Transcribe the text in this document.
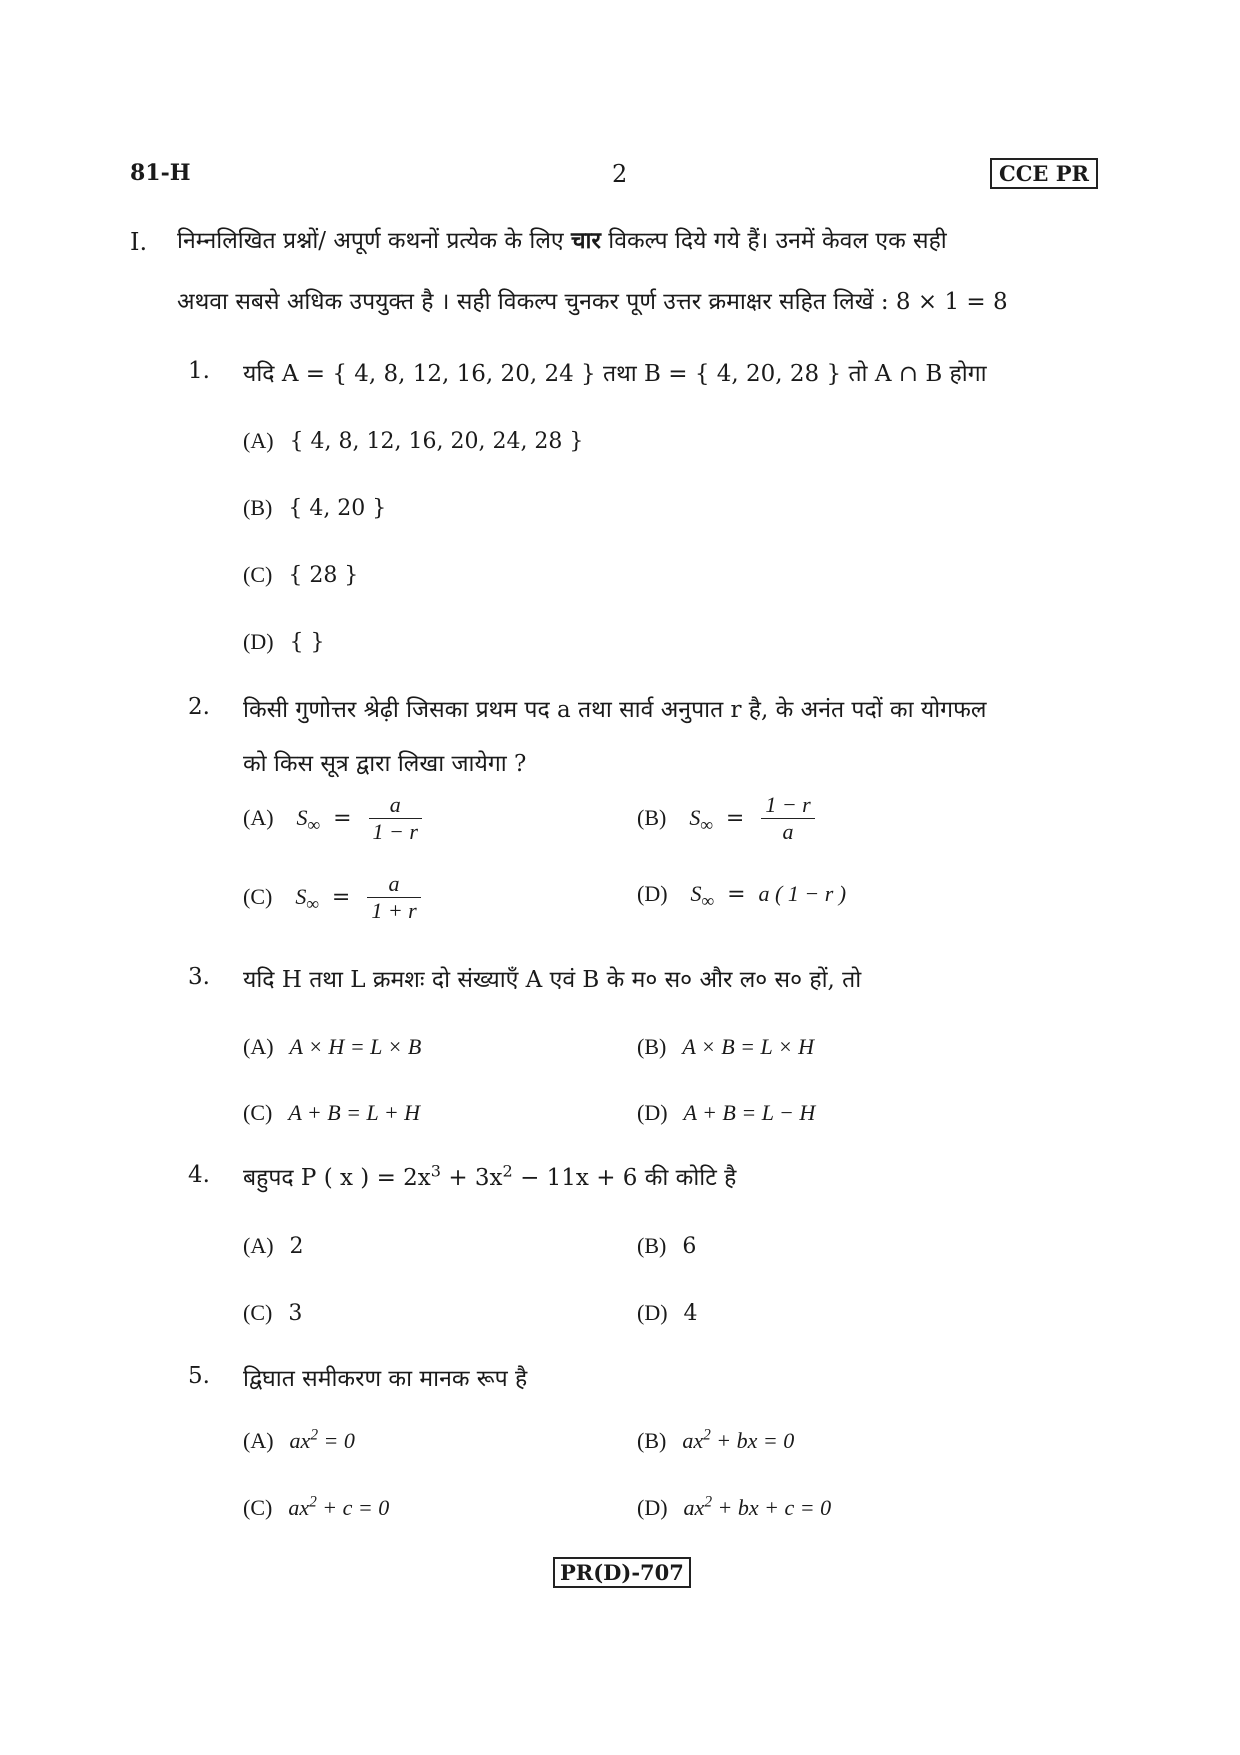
81-H	2	CCE PR
I. निम्नलिखित प्रश्नों/ अपूर्ण कथनों प्रत्येक के लिए चार विकल्प दिये गये हैं। उनमें केवल एक सही
अथवा सबसे अधिक उपयुक्त है । सही विकल्प चुनकर पूर्ण उत्तर क्रमाक्षर सहित लिखें : 8 × 1 = 8
1. यदि A = { 4, 8, 12, 16, 20, 24 } तथा B = { 4, 20, 28 } तो A ∩ B होगा
(A) { 4, 8, 12, 16, 20, 24, 28 }
(B) { 4, 20 }
(C) { 28 }
(D) { }
2. किसी गुणोत्तर श्रेढ़ी जिसका प्रथम पद a तथा सार्व अनुपात r है, के अनंत पदों का योगफल
को किस सूत्र द्वारा लिखा जायेगा ?
(A) $S_\infty = \frac{a}{1 - r}$	(B) $S_\infty = \frac{1 - r}{a}$
(C) $S_\infty = \frac{a}{1 + r}$	(D) $S_\infty = a$ ( 1 − r )
3. यदि H तथा L क्रमशः दो संख्याएँ A एवं B के म० स० और ल० स० हों, तो
(A) A × H = L × B	(B) A × B = L × H
(C) A + B = L + H	(D) A + B = L − H
4. बहुपद P ( x ) = $2x^3 + 3x^2 - 11x + 6$ की कोटि है
(A) 2	(B) 6
(C) 3	(D) 4
5. द्विघात समीकरण का मानक रूप है
(A) $ax^2 = 0$	(B) $ax^2$ + bx = 0
(C) $ax^2 + c = 0$	(D) $ax^2$ + bx + c = 0
PR(D)-707
